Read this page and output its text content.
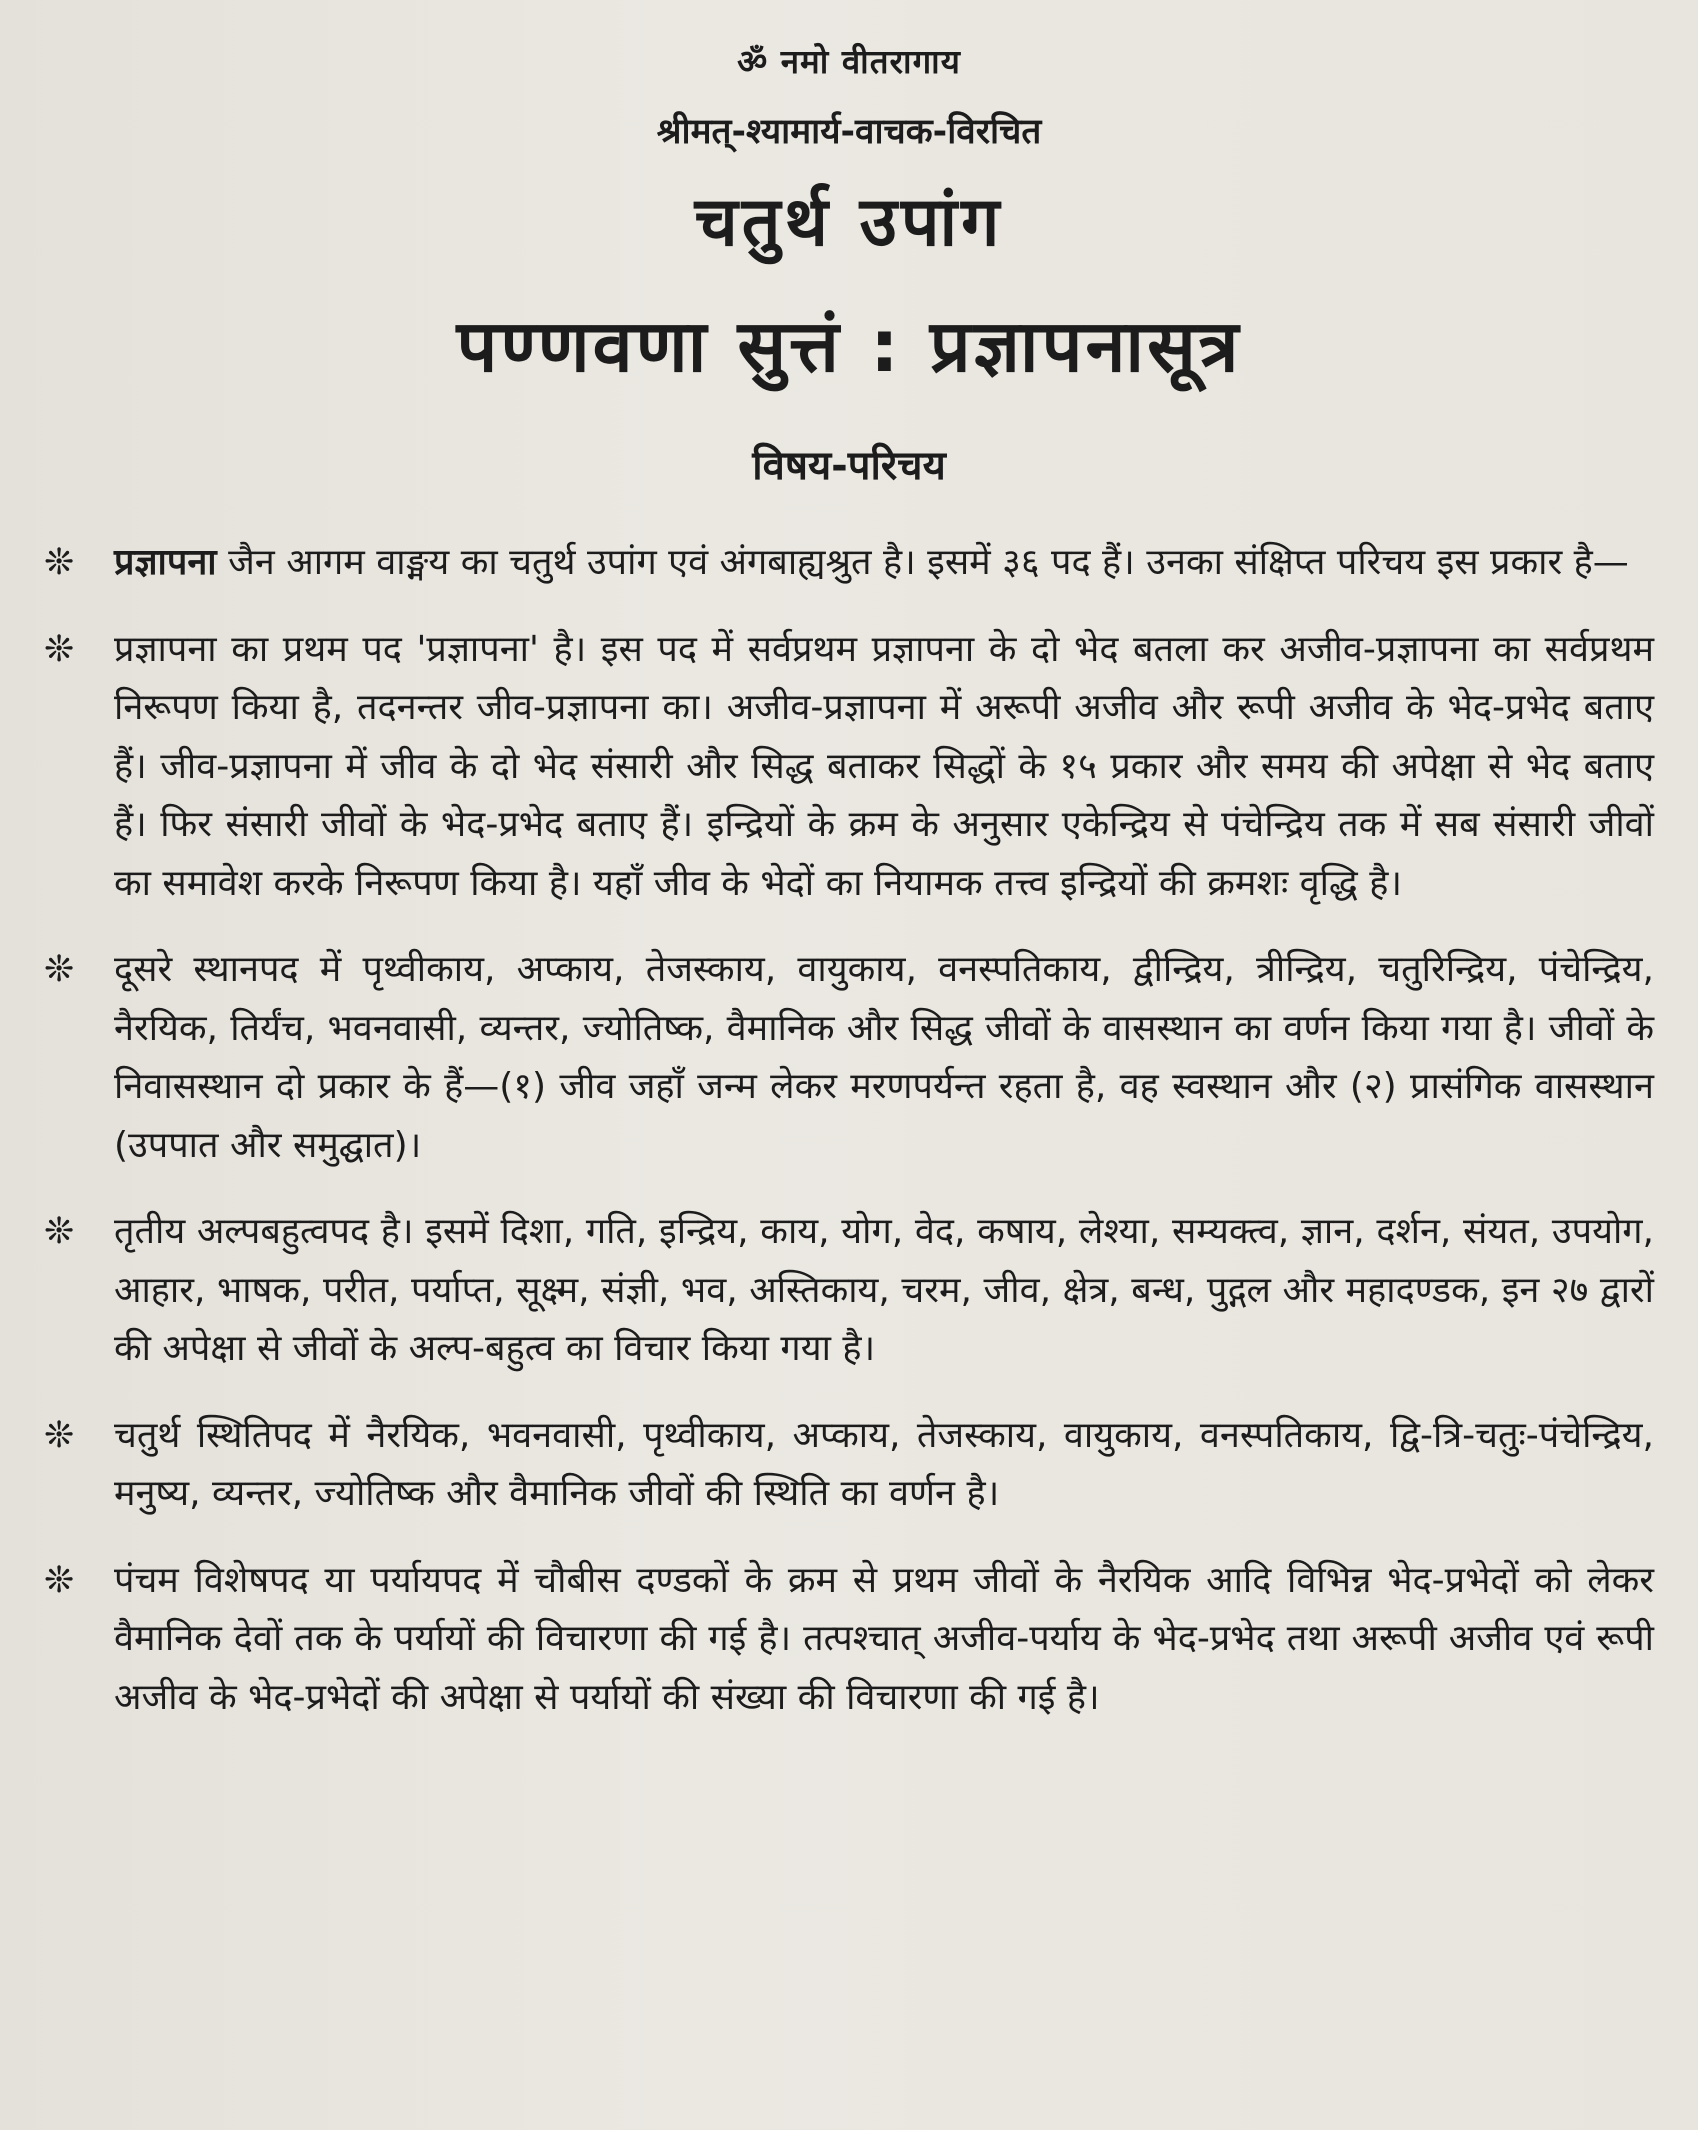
ॐ नमो वीतरागाय

श्रीमत्-श्यामार्य-वाचक-विरचित

चतुर्थ उपांग
पण्णवणा सुत्तं : प्रज्ञापनासूत्र
विषय-परिचय
❊	प्रज्ञापना जैन आगम वाङ्मय का चतुर्थ उपांग एवं अंगबाह्यश्रुत है। इसमें ३६ पद हैं। उनका संक्षिप्त परिचय इस प्रकार है—

❊	प्रज्ञापना का प्रथम पद 'प्रज्ञापना' है। इस पद में सर्वप्रथम प्रज्ञापना के दो भेद बतला कर अजीव-प्रज्ञापना का सर्वप्रथम निरूपण किया है, तदनन्तर जीव-प्रज्ञापना का। अजीव-प्रज्ञापना में अरूपी अजीव और रूपी अजीव के भेद-प्रभेद बताए हैं। जीव-प्रज्ञापना में जीव के दो भेद संसारी और सिद्ध बताकर सिद्धों के १५ प्रकार और समय की अपेक्षा से भेद बताए हैं। फिर संसारी जीवों के भेद-प्रभेद बताए हैं। इन्द्रियों के क्रम के अनुसार एकेन्द्रिय से पंचेन्द्रिय तक में सब संसारी जीवों का समावेश करके निरूपण किया है। यहाँ जीव के भेदों का नियामक तत्त्व इन्द्रियों की क्रमशः वृद्धि है।

❊	दूसरे स्थानपद में पृथ्वीकाय, अप्काय, तेजस्काय, वायुकाय, वनस्पतिकाय, द्वीन्द्रिय, त्रीन्द्रिय, चतुरिन्द्रिय, पंचेन्द्रिय, नैरयिक, तिर्यंच, भवनवासी, व्यन्तर, ज्योतिष्क, वैमानिक और सिद्ध जीवों के वासस्थान का वर्णन किया गया है। जीवों के निवासस्थान दो प्रकार के हैं—(१) जीव जहाँ जन्म लेकर मरणपर्यन्त रहता है, वह स्वस्थान और (२) प्रासंगिक वासस्थान (उपपात और समुद्घात)।

❊	तृतीय अल्पबहुत्वपद है। इसमें दिशा, गति, इन्द्रिय, काय, योग, वेद, कषाय, लेश्या, सम्यक्त्व, ज्ञान, दर्शन, संयत, उपयोग, आहार, भाषक, परीत, पर्याप्त, सूक्ष्म, संज्ञी, भव, अस्तिकाय, चरम, जीव, क्षेत्र, बन्ध, पुद्गल और महादण्डक, इन २७ द्वारों की अपेक्षा से जीवों के अल्प-बहुत्व का विचार किया गया है।

❊	चतुर्थ स्थितिपद में नैरयिक, भवनवासी, पृथ्वीकाय, अप्काय, तेजस्काय, वायुकाय, वनस्पतिकाय, द्वि-त्रि-चतुः-पंचेन्द्रिय, मनुष्य, व्यन्तर, ज्योतिष्क और वैमानिक जीवों की स्थिति का वर्णन है।

❊	पंचम विशेषपद या पर्यायपद में चौबीस दण्डकों के क्रम से प्रथम जीवों के नैरयिक आदि विभिन्न भेद-प्रभेदों को लेकर वैमानिक देवों तक के पर्यायों की विचारणा की गई है। तत्पश्चात् अजीव-पर्याय के भेद-प्रभेद तथा अरूपी अजीव एवं रूपी अजीव के भेद-प्रभेदों की अपेक्षा से पर्यायों की संख्या की विचारणा की गई है।
